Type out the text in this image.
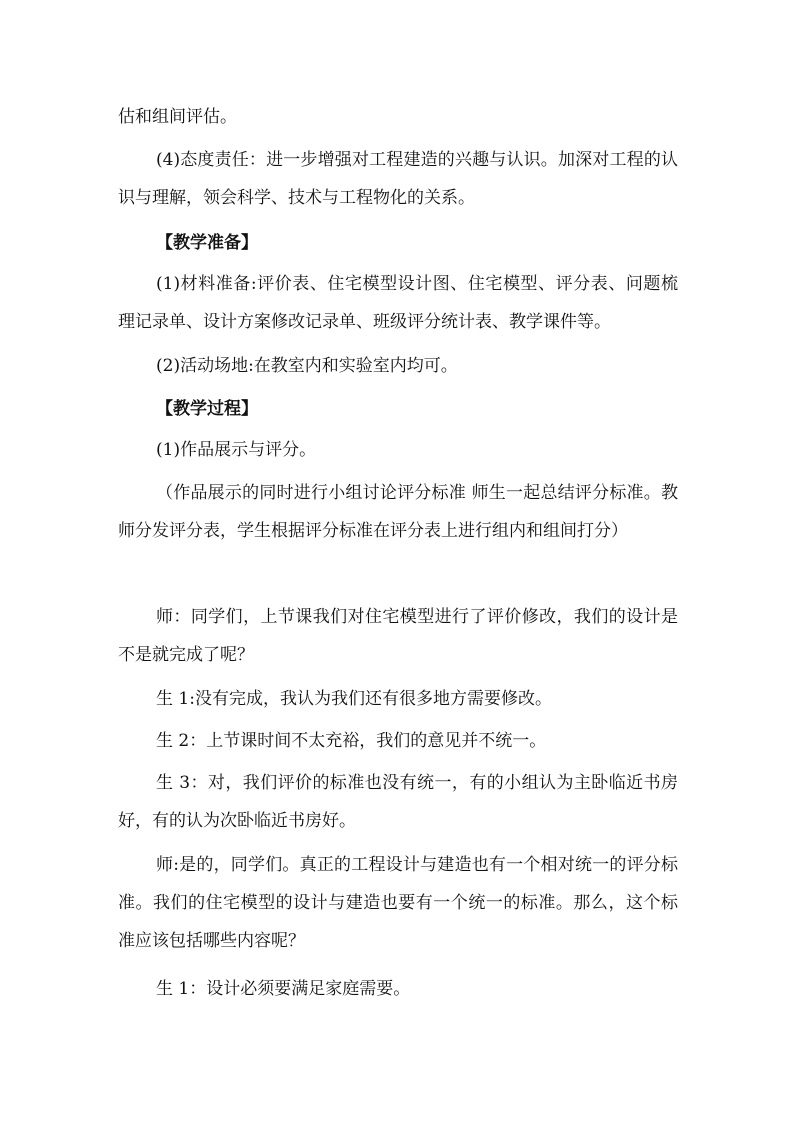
估和组间评估。

(4)态度责任：进一步增强对工程建造的兴趣与认识。加深对工程的认识与理解，领会科学、技术与工程物化的关系。

【教学准备】

(1)材料准备:评价表、住宅模型设计图、住宅模型、评分表、问题梳理记录单、设计方案修改记录单、班级评分统计表、教学课件等。

(2)活动场地:在教室内和实验室内均可。

【教学过程】

(1)作品展示与评分。

（作品展示的同时进行小组讨论评分标准 师生一起总结评分标准。教师分发评分表，学生根据评分标准在评分表上进行组内和组间打分）

师：同学们，上节课我们对住宅模型进行了评价修改，我们的设计是不是就完成了呢？

生 1:没有完成，我认为我们还有很多地方需要修改。

生 2：上节课时间不太充裕，我们的意见并不统一。

生 3：对，我们评价的标准也没有统一，有的小组认为主卧临近书房好，有的认为次卧临近书房好。

师:是的，同学们。真正的工程设计与建造也有一个相对统一的评分标准。我们的住宅模型的设计与建造也要有一个统一的标准。那么，这个标准应该包括哪些内容呢？

生 1：设计必须要满足家庭需要。
